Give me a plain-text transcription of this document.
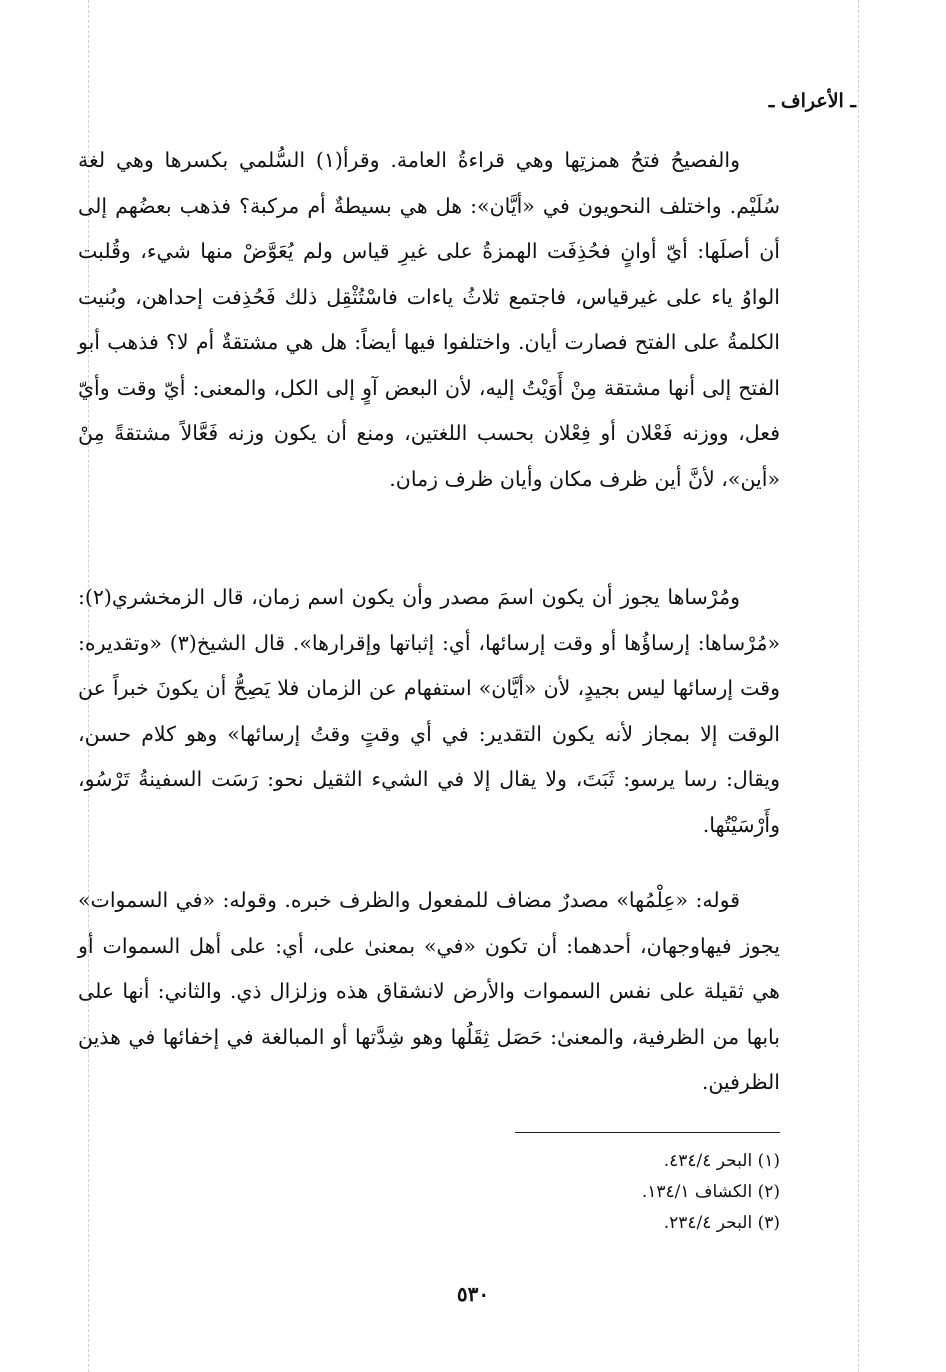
ـ الأعراف ـ

والفصيحُ فتحُ همزتِها وهي قراءةُ العامة. وقرأ(١) السُّلمي بكسرها وهي لغة سُلَيْم. واختلف النحويون في «أيَّان»: هل هي بسيطةٌ أم مركبة؟ فذهب بعضُهم إلى أن أصلَها: أيّ أوانٍ فحُذِفَت الهمزةُ على غيرِ قياس ولم يُعَوَّضْ منها شيء، وقُلبت الواوُ ياء على غيرقياس، فاجتمع ثلاثُ ياءات فاسْتُثْقِل ذلك فَحُذِفت إحداهن، وبُنيت الكلمةُ على الفتح فصارت أيان. واختلفوا فيها أيضاً: هل هي مشتقةٌ أم لا؟ فذهب أبو الفتح إلى أنها مشتقة مِنْ أَوَيْتُ إليه، لأن البعض آوٍ إلى الكل، والمعنى: أيّ وقت وأيّ فعل، ووزنه فَعْلان أو فِعْلان بحسب اللغتين، ومنع أن يكون وزنه فَعَّالاً مشتقةً مِنْ «أين»، لأنَّ أين ظرف مكان وأيان ظرف زمان.

ومُرْساها يجوز أن يكون اسمَ مصدر وأن يكون اسم زمان، قال الزمخشري(٢): «مُرْساها: إرساؤُها أو وقت إرسائها، أي: إثباتها وإقرارها». قال الشيخ(٣) «وتقديره: وقت إرسائها ليس بجيدٍ، لأن «أيَّان» استفهام عن الزمان فلا يَصِحُّ أن يكونَ خبراً عن الوقت إلا بمجاز لأنه يكون التقدير: في أي وقتٍ وقتُ إرسائها» وهو كلام حسن، ويقال: رسا يرسو: ثَبَتَ، ولا يقال إلا في الشيء الثقيل نحو: رَسَت السفينةُ تَرْسُو، وأَرْسَيْتُها.

قوله: «عِلْمُها» مصدرٌ مضاف للمفعول والظرف خبره. وقوله: «في السموات» يجوز فيهاوجهان، أحدهما: أن تكون «في» بمعنىٰ على، أي: على أهل السموات أو هي ثقيلة على نفس السموات والأرض لانشقاق هذه وزلزال ذي. والثاني: أنها على بابها من الظرفية، والمعنىٰ: حَصَل ثِقَلُها وهو شِدَّتها أو المبالغة في إخفائها في هذين الظرفين.

(١) البحر ٤٣٤/٤.
(٢) الكشاف ١٣٤/١.
(٣) البحر ٢٣٤/٤.
٥٣٠
